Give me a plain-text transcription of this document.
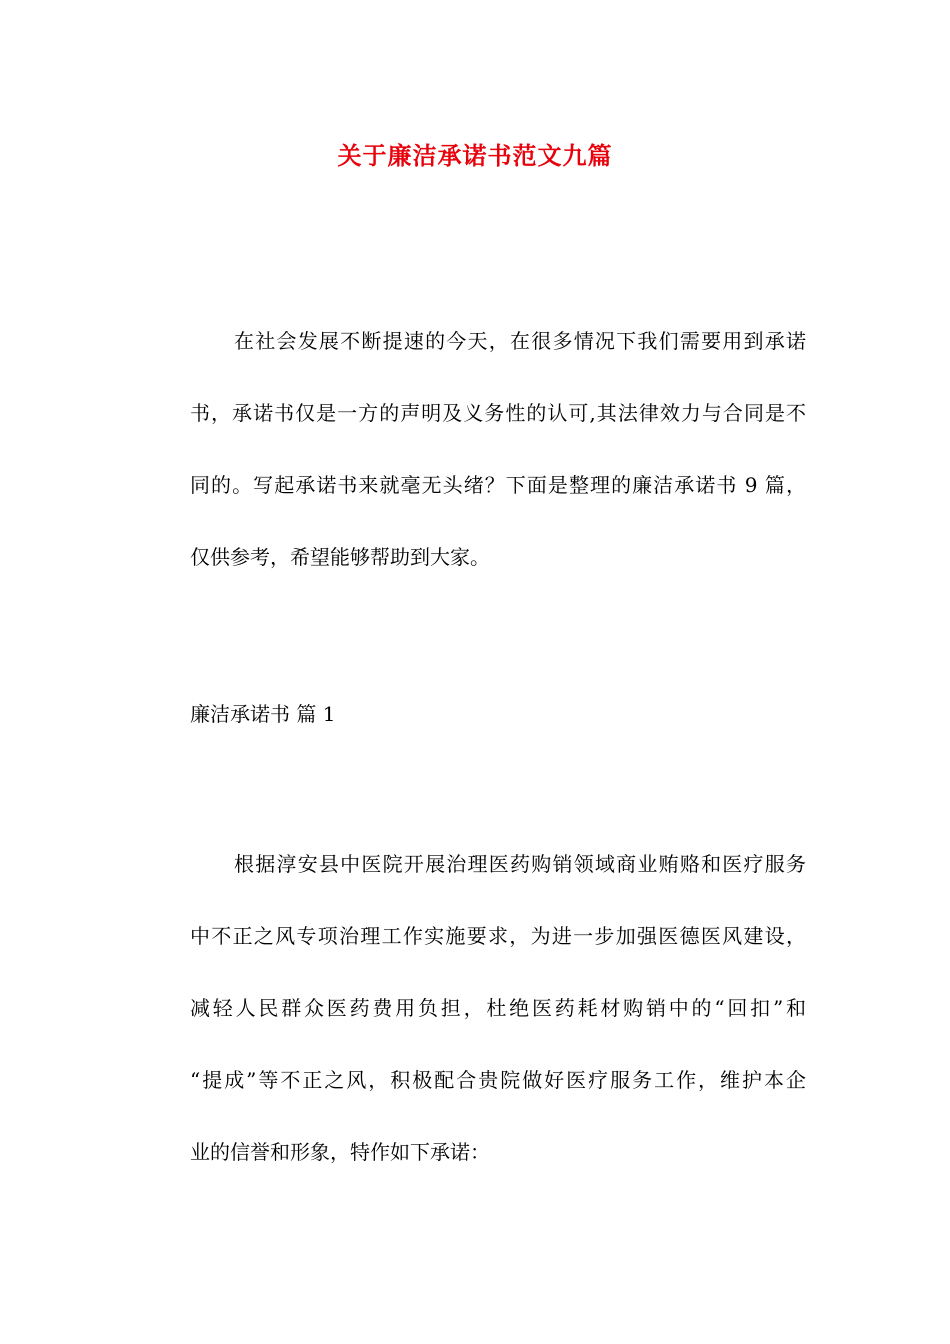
关于廉洁承诺书范文九篇
在社会发展不断提速的今天，在很多情况下我们需要用到承诺
书，承诺书仅是一方的声明及义务性的认可,其法律效力与合同是不
同的。写起承诺书来就毫无头绪？下面是整理的廉洁承诺书 9 篇，
仅供参考，希望能够帮助到大家。
廉洁承诺书 篇 1
根据淳安县中医院开展治理医药购销领域商业贿赂和医疗服务
中不正之风专项治理工作实施要求，为进一步加强医德医风建设，
减轻人民群众医药费用负担，杜绝医药耗材购销中的“回扣”和
“提成”等不正之风，积极配合贵院做好医疗服务工作，维护本企
业的信誉和形象，特作如下承诺：
